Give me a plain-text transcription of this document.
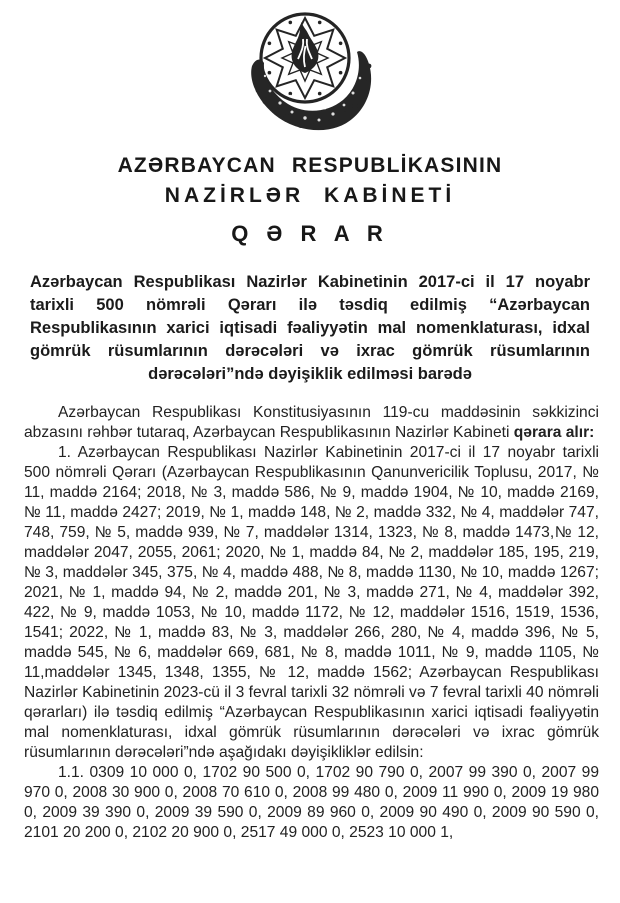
AZƏRBAYCAN RESPUBLİKASININ
NAZİRLƏR KABİNETİ
Q Ə R A R
Azərbaycan Respublikası Nazirlər Kabinetinin 2017-ci il 17 noyabr tarixli 500 nömrəli Qərarı ilə təsdiq edilmiş “Azərbaycan Respublikasının xarici iqtisadi fəaliyyətin mal nomenklaturası, idxal gömrük rüsumlarının dərəcələri və ixrac gömrük rüsumlarının dərəcələri”ndə dəyişiklik edilməsi barədə

Azərbaycan Respublikası Konstitusiyasının 119-cu maddəsinin səkkizinci abzasını rəhbər tutaraq, Azərbaycan Respublikasının Nazirlər Kabineti qərara alır:

1. Azərbaycan Respublikası Nazirlər Kabinetinin 2017-ci il 17 noyabr tarixli 500 nömrəli Qərarı (Azərbaycan Respublikasının Qanunvericilik Toplusu, 2017, № 11, maddə 2164; 2018, № 3, maddə 586, № 9, maddə 1904, № 10, maddə 2169, № 11, maddə 2427; 2019, № 1, maddə 148, № 2, maddə 332, № 4, maddələr 747, 748, 759, № 5, maddə 939, № 7, maddələr 1314, 1323, № 8, maddə 1473,№ 12, maddələr 2047, 2055, 2061; 2020, № 1, maddə 84, № 2, maddələr 185, 195, 219, № 3, maddələr 345, 375, № 4, maddə 488, № 8, maddə 1130, № 10, maddə 1267; 2021, № 1, maddə 94, № 2, maddə 201, № 3, maddə 271, № 4, maddələr 392, 422, № 9, maddə 1053, № 10, maddə 1172, № 12, maddələr 1516, 1519, 1536, 1541; 2022, № 1, maddə 83, № 3, maddələr 266, 280, № 4, maddə 396, № 5, maddə 545, № 6, maddələr 669, 681, № 8, maddə 1011, № 9, maddə 1105, № 11,maddələr 1345, 1348, 1355, № 12, maddə 1562; Azərbaycan Respublikası Nazirlər Kabinetinin 2023-cü il 3 fevral tarixli 32 nömrəli və 7 fevral tarixli 40 nömrəli qərarları) ilə təsdiq edilmiş “Azərbaycan Respublikasının xarici iqtisadi fəaliyyətin mal nomenklaturası, idxal gömrük rüsumlarının dərəcələri və ixrac gömrük rüsumlarının dərəcələri”ndə aşağıdakı dəyişikliklər edilsin:

1.1. 0309 10 000 0, 1702 90 500 0, 1702 90 790 0, 2007 99 390 0, 2007 99 970 0, 2008 30 900 0, 2008 70 610 0, 2008 99 480 0, 2009 11 990 0, 2009 19 980 0, 2009 39 390 0, 2009 39 590 0, 2009 89 960 0, 2009 90 490 0, 2009 90 590 0, 2101 20 200 0, 2102 20 900 0, 2517 49 000 0, 2523 10 000 1,
